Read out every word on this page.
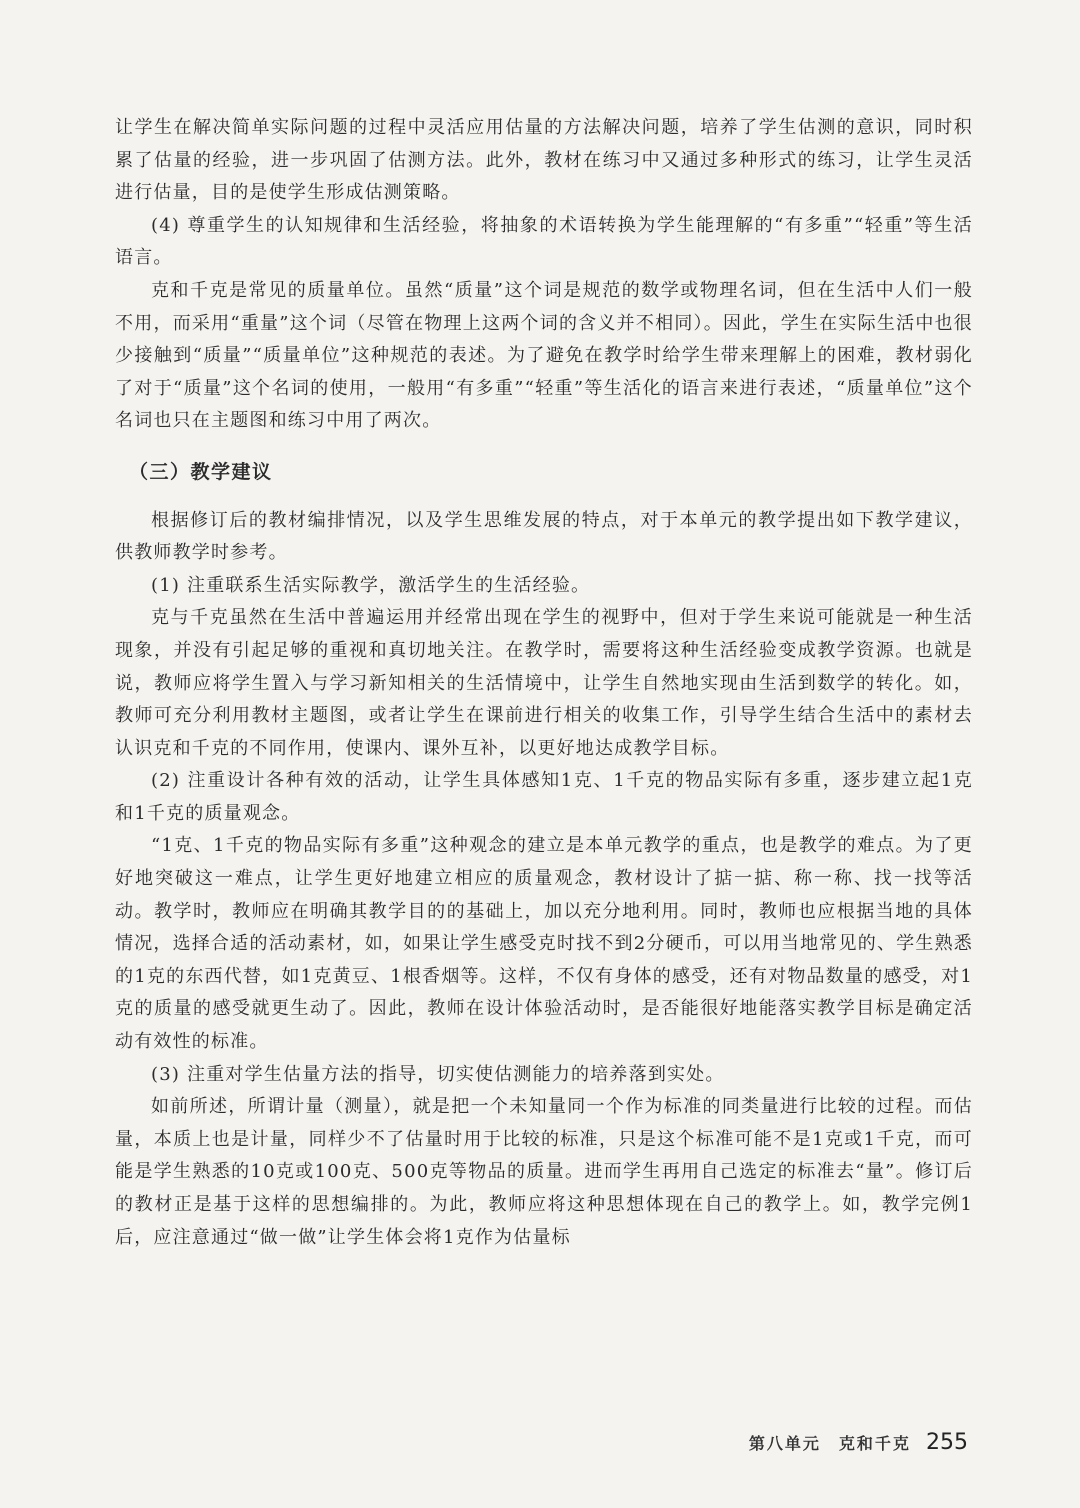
让学生在解决简单实际问题的过程中灵活应用估量的方法解决问题，培养了学生估测的意识，同时积累了估量的经验，进一步巩固了估测方法。此外，教材在练习中又通过多种形式的练习，让学生灵活进行估量，目的是使学生形成估测策略。

(4) 尊重学生的认知规律和生活经验，将抽象的术语转换为学生能理解的“有多重”“轻重”等生活语言。

克和千克是常见的质量单位。虽然“质量”这个词是规范的数学或物理名词，但在生活中人们一般不用，而采用“重量”这个词（尽管在物理上这两个词的含义并不相同）。因此，学生在实际生活中也很少接触到“质量”“质量单位”这种规范的表述。为了避免在教学时给学生带来理解上的困难，教材弱化了对于“质量”这个名词的使用，一般用“有多重”“轻重”等生活化的语言来进行表述，“质量单位”这个名词也只在主题图和练习中用了两次。

（三）教学建议

根据修订后的教材编排情况，以及学生思维发展的特点，对于本单元的教学提出如下教学建议，供教师教学时参考。

(1) 注重联系生活实际教学，激活学生的生活经验。

克与千克虽然在生活中普遍运用并经常出现在学生的视野中，但对于学生来说可能就是一种生活现象，并没有引起足够的重视和真切地关注。在教学时，需要将这种生活经验变成教学资源。也就是说，教师应将学生置入与学习新知相关的生活情境中，让学生自然地实现由生活到数学的转化。如，教师可充分利用教材主题图，或者让学生在课前进行相关的收集工作，引导学生结合生活中的素材去认识克和千克的不同作用，使课内、课外互补，以更好地达成教学目标。

(2) 注重设计各种有效的活动，让学生具体感知1克、1千克的物品实际有多重，逐步建立起1克和1千克的质量观念。

“1克、1千克的物品实际有多重”这种观念的建立是本单元教学的重点，也是教学的难点。为了更好地突破这一难点，让学生更好地建立相应的质量观念，教材设计了掂一掂、称一称、找一找等活动。教学时，教师应在明确其教学目的的基础上，加以充分地利用。同时，教师也应根据当地的具体情况，选择合适的活动素材，如，如果让学生感受克时找不到2分硬币，可以用当地常见的、学生熟悉的1克的东西代替，如1克黄豆、1根香烟等。这样，不仅有身体的感受，还有对物品数量的感受，对1克的质量的感受就更生动了。因此，教师在设计体验活动时，是否能很好地能落实教学目标是确定活动有效性的标准。

(3) 注重对学生估量方法的指导，切实使估测能力的培养落到实处。

如前所述，所谓计量（测量），就是把一个未知量同一个作为标准的同类量进行比较的过程。而估量，本质上也是计量，同样少不了估量时用于比较的标准，只是这个标准可能不是1克或1千克，而可能是学生熟悉的10克或100克、500克等物品的质量。进而学生再用自己选定的标准去“量”。修订后的教材正是基于这样的思想编排的。为此，教师应将这种思想体现在自己的教学上。如，教学完例1后，应注意通过“做一做”让学生体会将1克作为估量标

第八单元　克和千克 255
